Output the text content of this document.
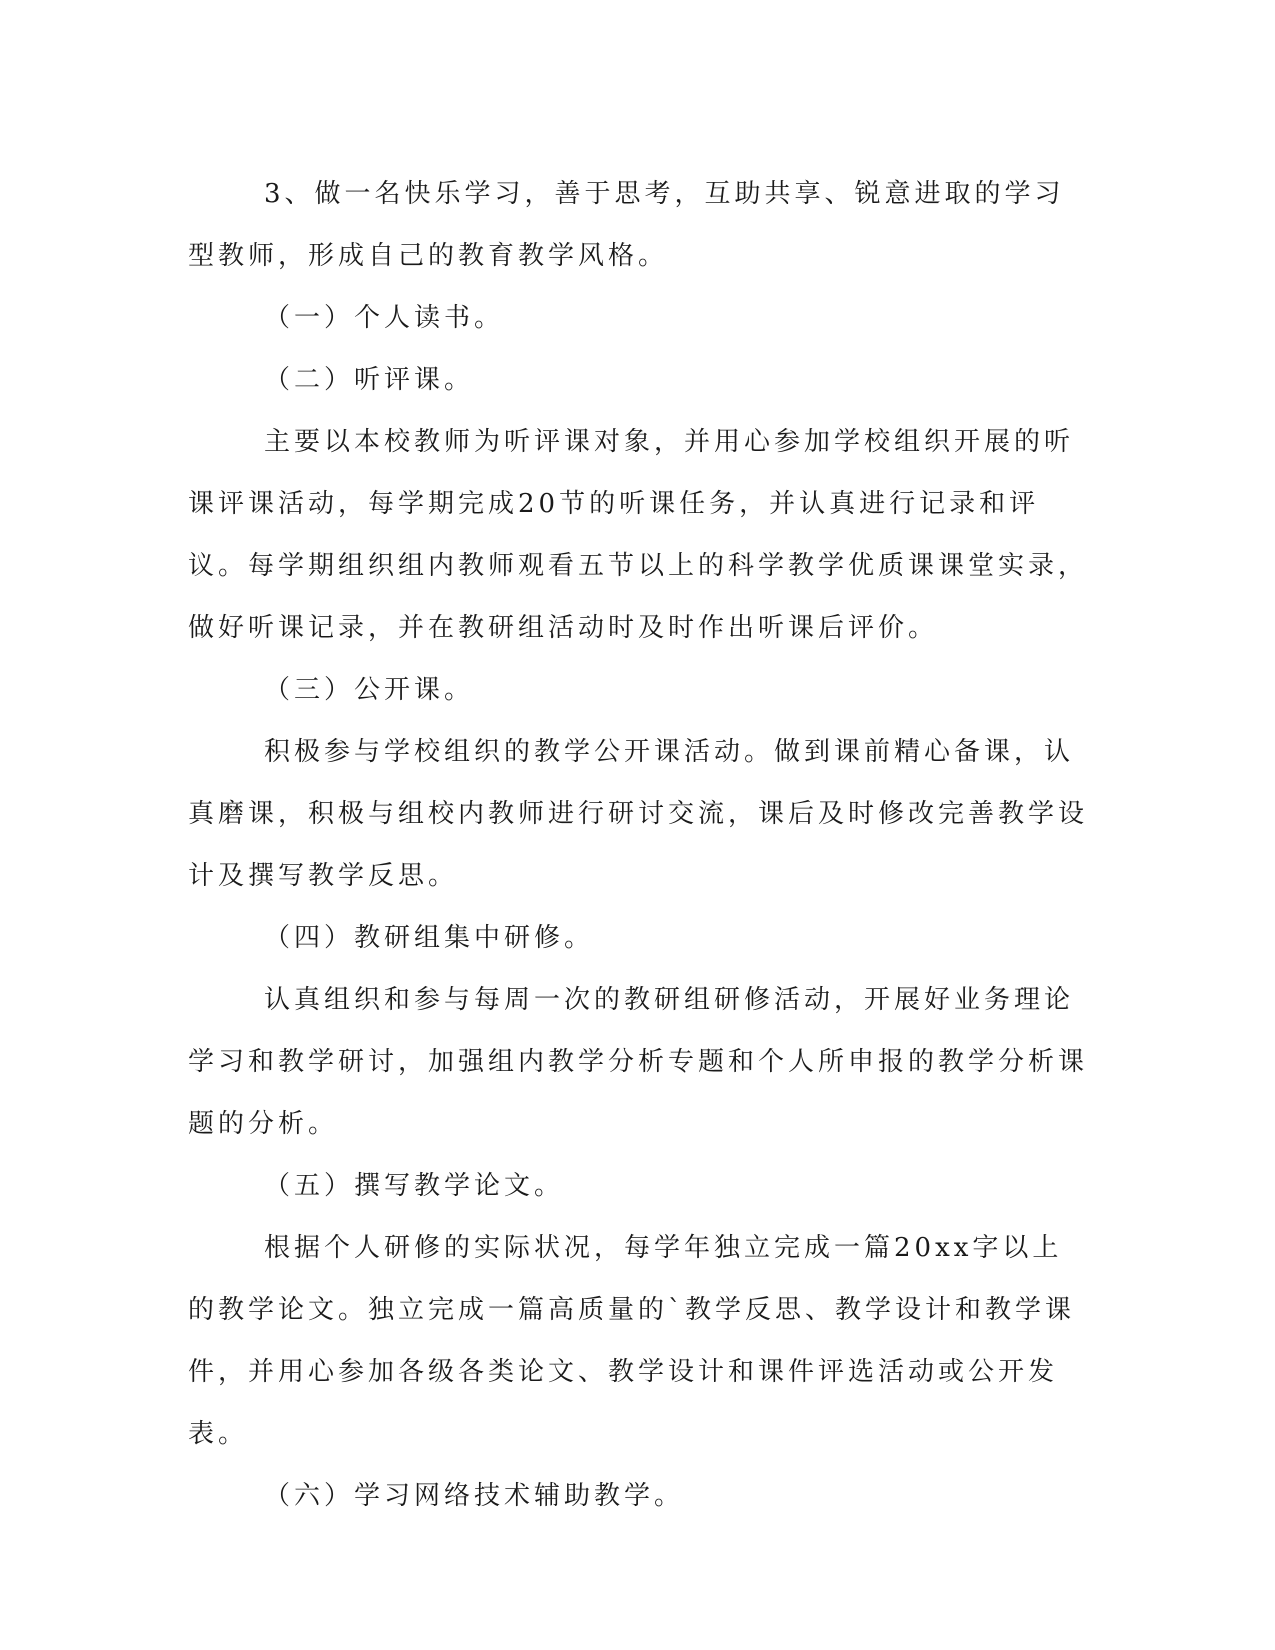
3、做一名快乐学习，善于思考，互助共享、锐意进取的学习型教师，形成自己的教育教学风格。

（一）个人读书。

（二）听评课。

主要以本校教师为听评课对象，并用心参加学校组织开展的听课评课活动，每学期完成20节的听课任务，并认真进行记录和评议。每学期组织组内教师观看五节以上的科学教学优质课课堂实录，做好听课记录，并在教研组活动时及时作出听课后评价。

（三）公开课。

积极参与学校组织的教学公开课活动。做到课前精心备课，认真磨课，积极与组校内教师进行研讨交流，课后及时修改完善教学设计及撰写教学反思。

（四）教研组集中研修。

认真组织和参与每周一次的教研组研修活动，开展好业务理论学习和教学研讨，加强组内教学分析专题和个人所申报的教学分析课题的分析。

（五）撰写教学论文。

根据个人研修的实际状况，每学年独立完成一篇20xx字以上的教学论文。独立完成一篇高质量的`教学反思、教学设计和教学课件，并用心参加各级各类论文、教学设计和课件评选活动或公开发表。

（六）学习网络技术辅助教学。
